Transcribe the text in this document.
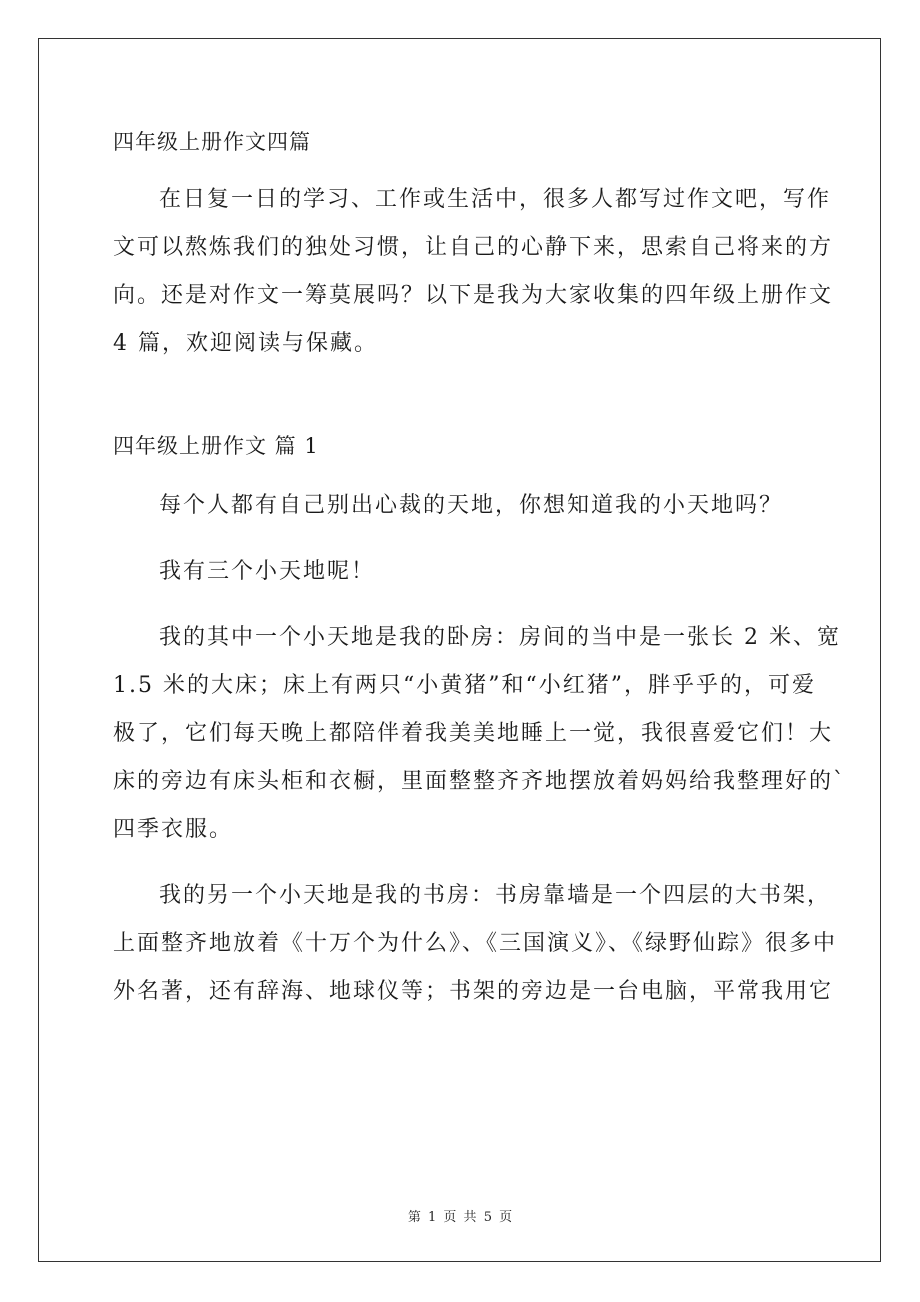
四年级上册作文四篇
在日复一日的学习、工作或生活中，很多人都写过作文吧，写作
文可以熬炼我们的独处习惯，让自己的心静下来，思索自己将来的方
向。还是对作文一筹莫展吗？以下是我为大家收集的四年级上册作文
4 篇，欢迎阅读与保藏。
四年级上册作文 篇 1
每个人都有自己别出心裁的天地，你想知道我的小天地吗？
我有三个小天地呢！
我的其中一个小天地是我的卧房：房间的当中是一张长 2 米、宽
1.5 米的大床；床上有两只“小黄猪”和“小红猪”，胖乎乎的，可爱
极了，它们每天晚上都陪伴着我美美地睡上一觉，我很喜爱它们！大
床的旁边有床头柜和衣橱，里面整整齐齐地摆放着妈妈给我整理好的`
四季衣服。
我的另一个小天地是我的书房：书房靠墙是一个四层的大书架，
上面整齐地放着《十万个为什么》、《三国演义》、《绿野仙踪》很多中
外名著，还有辞海、地球仪等；书架的旁边是一台电脑，平常我用它
第 1 页 共 5 页
